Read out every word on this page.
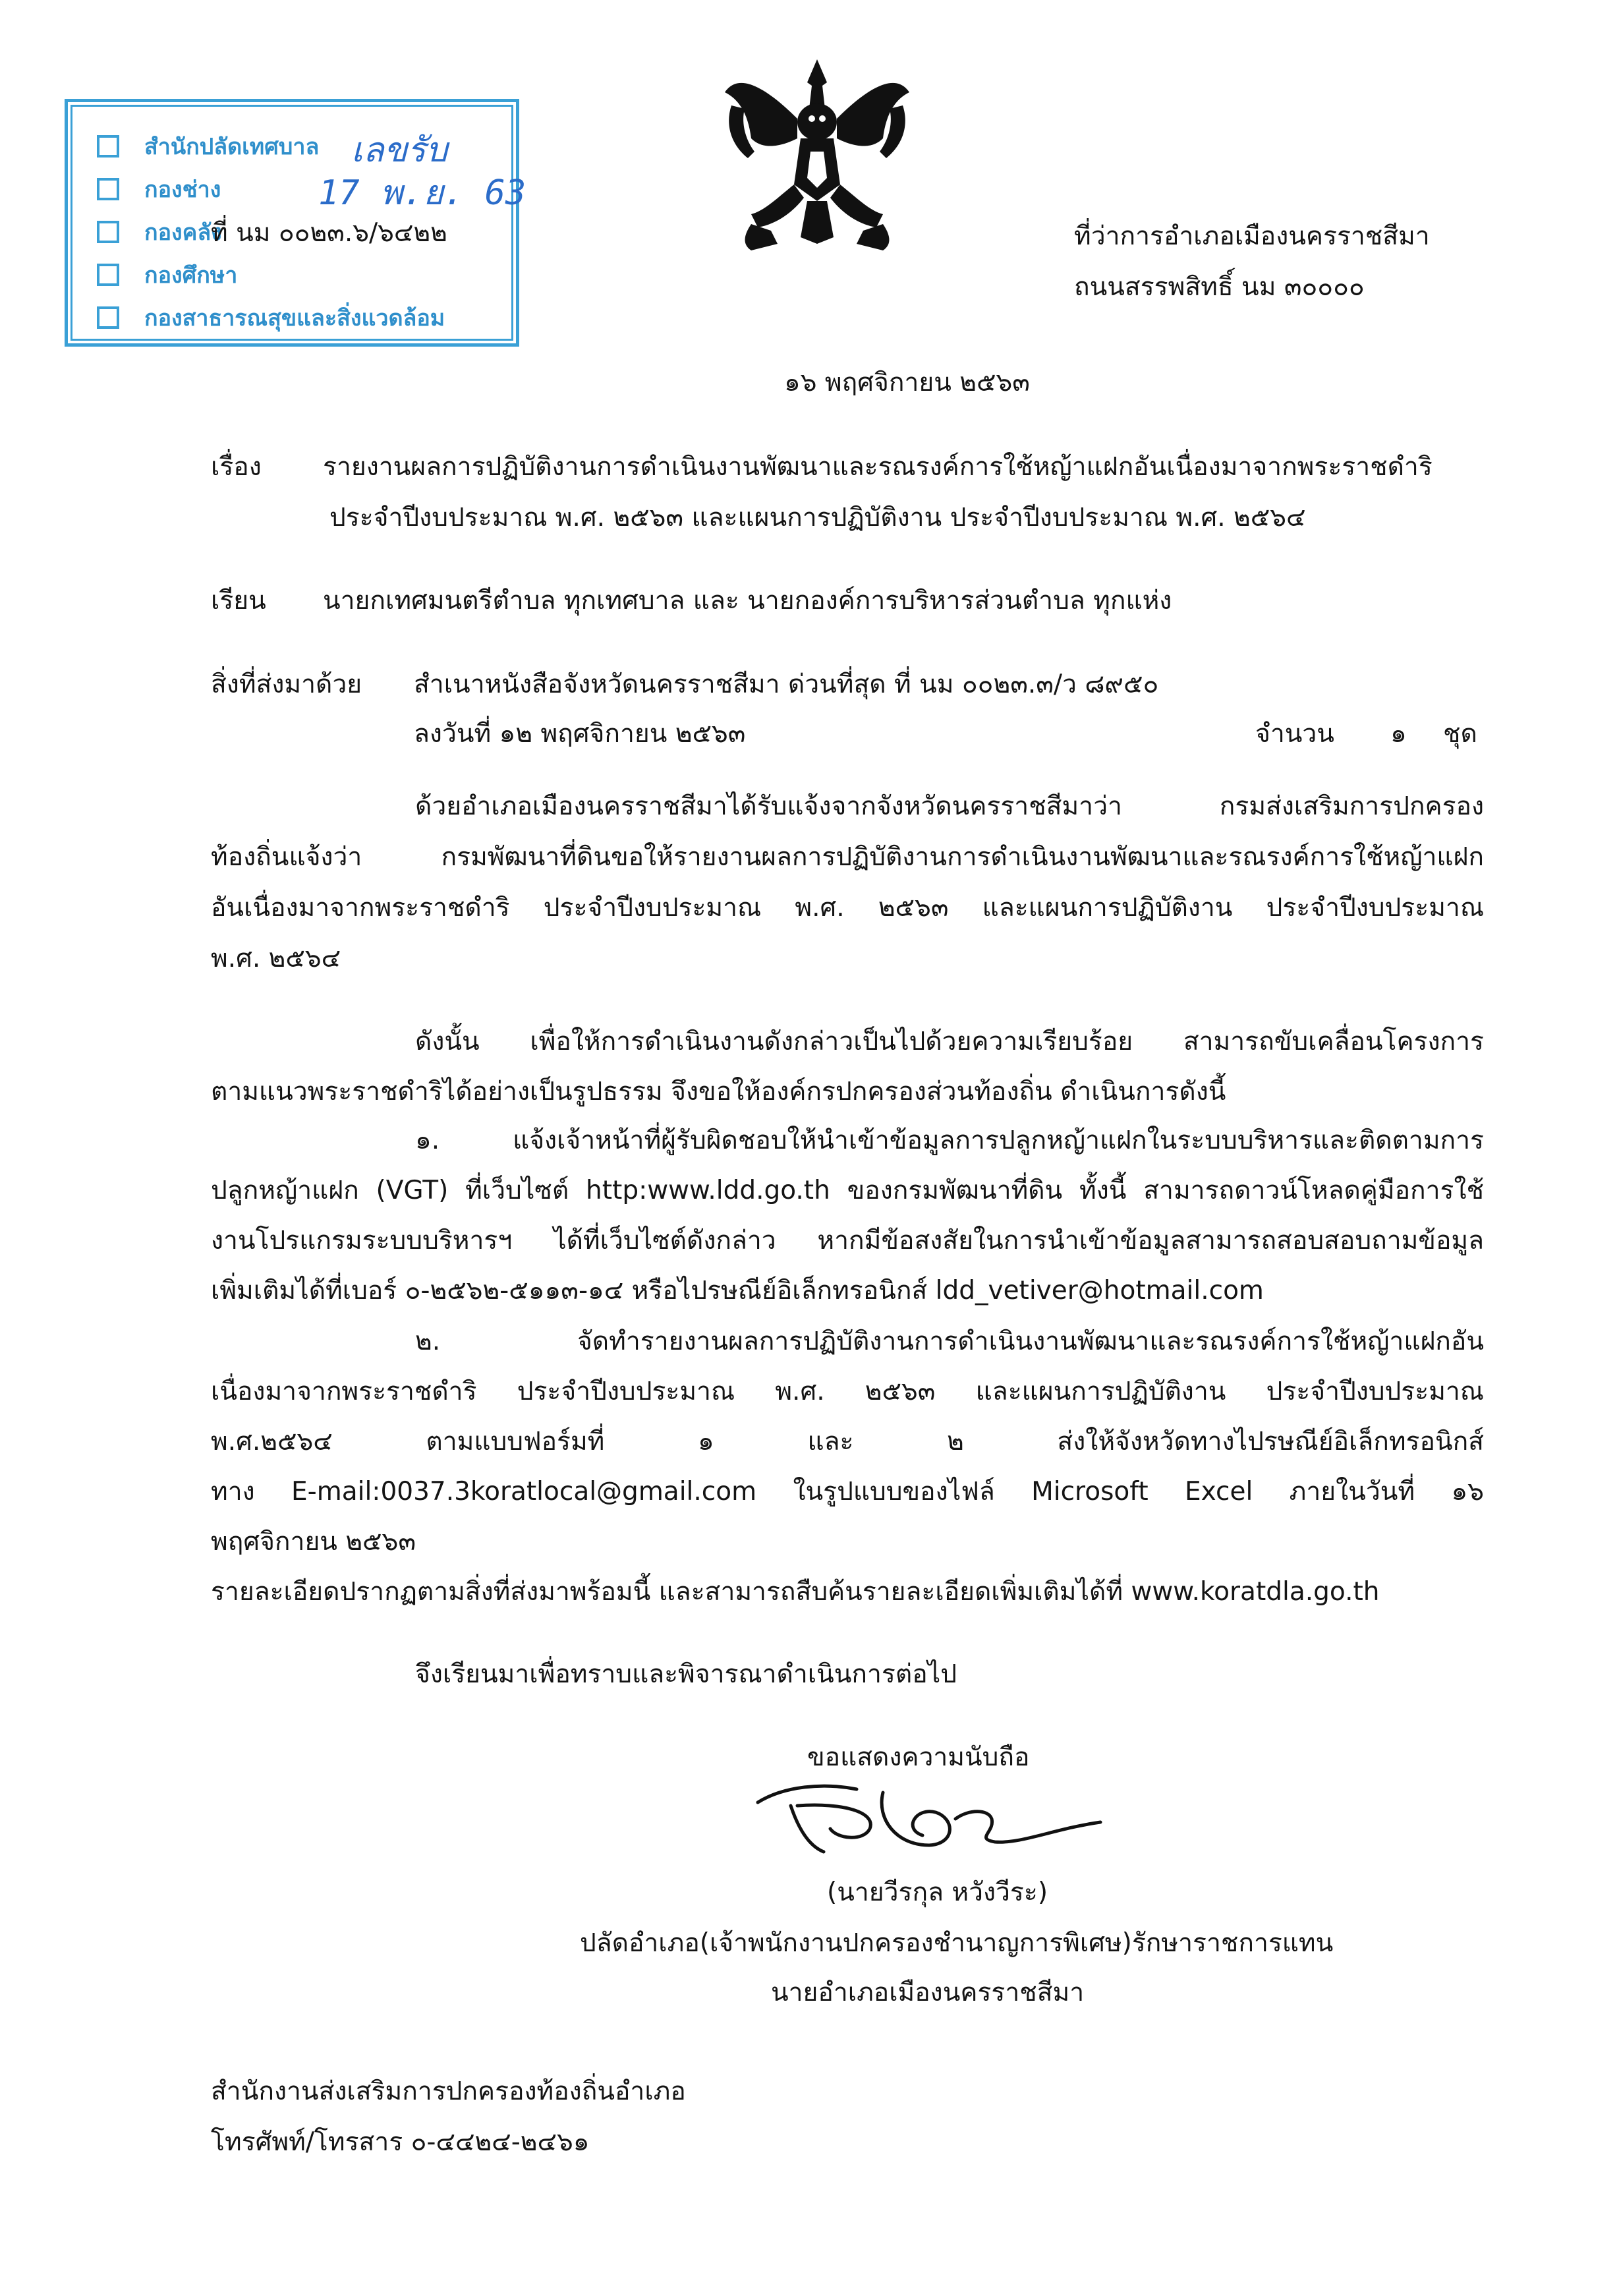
สำนักปลัดเทศบาล
กองช่าง
กองคลัง
กองศึกษา
กองสาธารณสุขและสิ่งแวดล้อม
เลขรับ
17 พ.ย. 63
ที่ นม ๐๐๒๓.๖/๖๔๒๒	ที่ว่าการอำเภอเมืองนครราชสีมา
ถนนสรรพสิทธิ์ นม ๓๐๐๐๐
๑๖ พฤศจิกายน ๒๕๖๓
เรื่อง รายงานผลการปฏิบัติงานการดำเนินงานพัฒนาและรณรงค์การใช้หญ้าแฝกอันเนื่องมาจากพระราชดำริ
ประจำปีงบประมาณ พ.ศ. ๒๕๖๓ และแผนการปฏิบัติงาน ประจำปีงบประมาณ พ.ศ. ๒๕๖๔
เรียน นายกเทศมนตรีตำบล ทุกเทศบาล และ นายกองค์การบริหารส่วนตำบล ทุกแห่ง
สิ่งที่ส่งมาด้วย สำเนาหนังสือจังหวัดนครราชสีมา ด่วนที่สุด ที่ นม ๐๐๒๓.๓/ว ๘๙๕๐
ลงวันที่ ๑๒ พฤศจิกายน ๒๕๖๓	จำนวน ๑ ชุด
ด้วยอำเภอเมืองนครราชสีมาได้รับแจ้งจากจังหวัดนครราชสีมาว่า กรมส่งเสริมการปกครอง
ท้องถิ่นแจ้งว่า กรมพัฒนาที่ดินขอให้รายงานผลการปฏิบัติงานการดำเนินงานพัฒนาและรณรงค์การใช้หญ้าแฝก
อันเนื่องมาจากพระราชดำริ ประจำปีงบประมาณ พ.ศ. ๒๕๖๓ และแผนการปฏิบัติงาน ประจำปีงบประมาณ
พ.ศ. ๒๕๖๔
ดังนั้น เพื่อให้การดำเนินงานดังกล่าวเป็นไปด้วยความเรียบร้อย สามารถขับเคลื่อนโครงการ
ตามแนวพระราชดำริได้อย่างเป็นรูปธรรม จึงขอให้องค์กรปกครองส่วนท้องถิ่น ดำเนินการดังนี้
๑. แจ้งเจ้าหน้าที่ผู้รับผิดชอบให้นำเข้าข้อมูลการปลูกหญ้าแฝกในระบบบริหารและติดตามการ
ปลูกหญ้าแฝก (VGT) ที่เว็บไซต์ http:www.ldd.go.th ของกรมพัฒนาที่ดิน ทั้งนี้ สามารถดาวน์โหลดคู่มือการใช้
งานโปรแกรมระบบบริหารฯ ได้ที่เว็บไซต์ดังกล่าว หากมีข้อสงสัยในการนำเข้าข้อมูลสามารถสอบสอบถามข้อมูล
เพิ่มเติมได้ที่เบอร์ ๐-๒๕๖๒-๕๑๑๓-๑๔ หรือไปรษณีย์อิเล็กทรอนิกส์ ldd_vetiver@hotmail.com
๒. จัดทำรายงานผลการปฏิบัติงานการดำเนินงานพัฒนาและรณรงค์การใช้หญ้าแฝกอัน
เนื่องมาจากพระราชดำริ ประจำปีงบประมาณ พ.ศ. ๒๕๖๓ และแผนการปฏิบัติงาน ประจำปีงบประมาณ
พ.ศ.๒๕๖๔ ตามแบบฟอร์มที่ ๑ และ ๒ ส่งให้จังหวัดทางไปรษณีย์อิเล็กทรอนิกส์
ทาง E-mail:0037.3koratlocal@gmail.com ในรูปแบบของไฟล์ Microsoft Excel ภายในวันที่ ๑๖
พฤศจิกายน ๒๕๖๓
รายละเอียดปรากฏตามสิ่งที่ส่งมาพร้อมนี้ และสามารถสืบค้นรายละเอียดเพิ่มเติมได้ที่ www.koratdla.go.th
จึงเรียนมาเพื่อทราบและพิจารณาดำเนินการต่อไป
ขอแสดงความนับถือ
(นายวีรกุล หวังวีระ)
ปลัดอำเภอ(เจ้าพนักงานปกครองชำนาญการพิเศษ)รักษาราชการแทน
นายอำเภอเมืองนครราชสีมา
สำนักงานส่งเสริมการปกครองท้องถิ่นอำเภอ
โทรศัพท์/โทรสาร ๐-๔๔๒๔-๒๔๖๑
